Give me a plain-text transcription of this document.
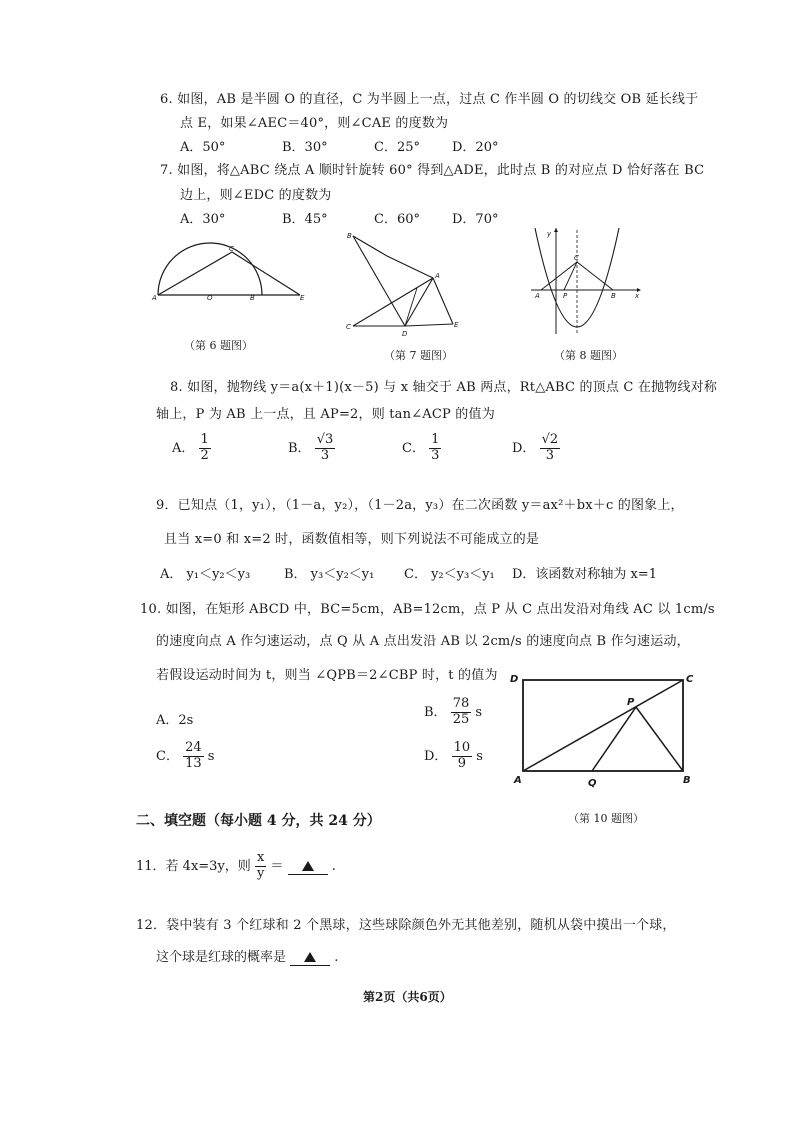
6. 如图，AB 是半圆 O 的直径，C 为半圆上一点，过点 C 作半圆 O 的切线交 OB 延长线于
点 E，如果∠AEC＝40°，则∠CAE 的度数为
A．50°	B．30°	C．25° D．20°
7. 如图，将△ABC 绕点 A 顺时针旋转 60° 得到△ADE，此时点 B 的对应点 D 恰好落在 BC
边上，则∠EDC 的度数为
A．30°	B．45°	C．60° D．70°
A	O	B	E
C
（第 6 题图）
B
A
C
D
E
（第 7 题图）
y
C
A	P	B	x
（第 8 题图）
8. 如图，抛物线 y＝a(x＋1)(x－5) 与 x 轴交于 AB 两点，Rt△ABC 的顶点 C 在抛物线对称
轴上，P 为 AB 上一点，且 AP=2，则 tan∠ACP 的值为
A． $\frac{1}{2}$	B． $\frac{√3}{3}$	C． $\frac{1}{3}$	D． $\frac{√2}{3}$
9．已知点（1，y₁），（1－a，y₂），（1－2a，y₃）在二次函数 y＝ax²＋bx＋c 的图象上，
且当 x=0 和 x=2 时，函数值相等，则下列说法不可能成立的是
A． y₁＜y₂＜y₃	B． y₃＜y₂＜y₁ C． y₂＜y₃＜y₁ D．该函数对称轴为 x=1
10. 如图，在矩形 ABCD 中，BC=5cm，AB=12cm，点 P 从 C 点出发沿对角线 AC 以 1cm/s
的速度向点 A 作匀速运动，点 Q 从 A 点出发沿 AB 以 2cm/s 的速度向点 B 作匀速运动，
若假设运动时间为 t，则当 ∠QPB＝2∠CBP 时，t 的值为
A．2s
B． $\frac{78}{25}$ s
C． $\frac{24}{13}$ s	D． $\frac{10}{9}$ s
D	C
P
A	Q	B
（第 10 题图）
二、填空题（每小题 4 分，共 24 分）
11．若 4x=3y，则 $\frac{x}{y}$ ＝	.
12．袋中装有 3 个红球和 2 个黑球，这些球除颜色外无其他差别，随机从袋中摸出一个球，
这个球是红球的概率是	.
第2页（共6页）
